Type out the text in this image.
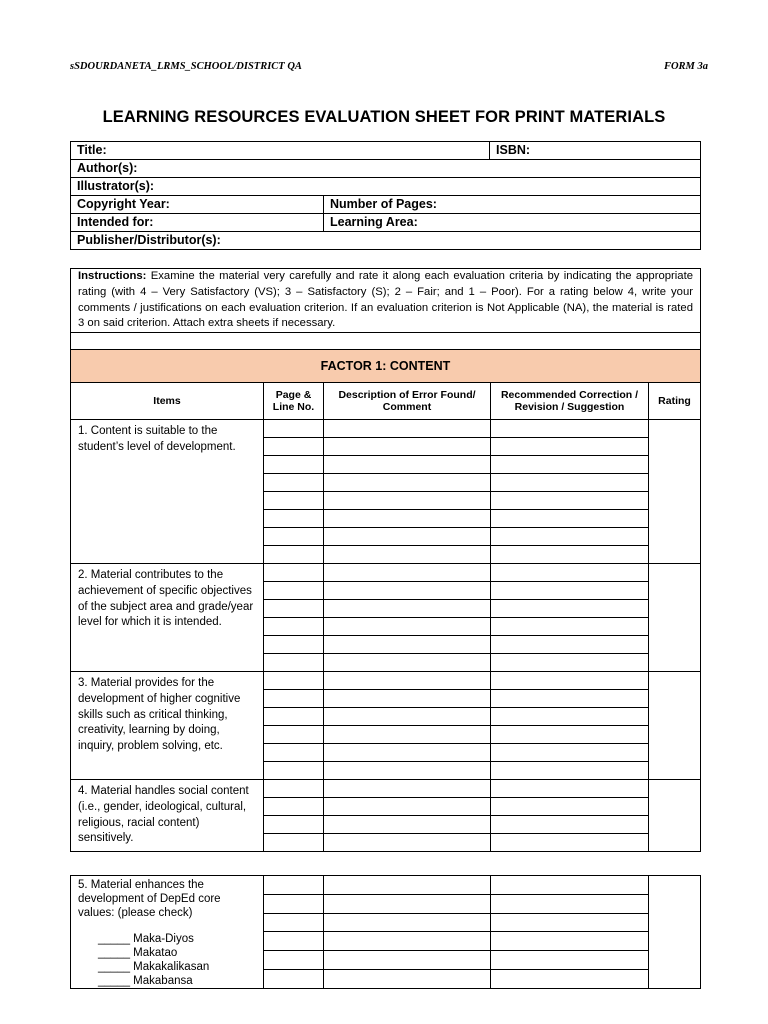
sSDOURDANETA_LRMS_SCHOOL/DISTRICT QA	FORM 3a
LEARNING RESOURCES EVALUATION SHEET FOR PRINT MATERIALS
Title:		ISBN:
Author(s):		
Illustrator(s):		
Copyright Year:	Number of Pages:	
Intended for:	Learning Area:	
Publisher/Distributor(s):		
Instructions: Examine the material very carefully and rate it along each evaluation criteria by indicating the appropriate rating (with 4 – Very Satisfactory (VS); 3 – Satisfactory (S); 2 – Fair; and 1 – Poor). For a rating below 4, write your comments / justifications on each evaluation criterion. If an evaluation criterion is Not Applicable (NA), the material is rated 3 on said criterion. Attach extra sheets if necessary.				

FACTOR 1: CONTENT				
Items	Page & Line No.	Description of Error Found/ Comment	Recommended Correction / Revision / Suggestion	Rating
1. Content is suitable to the student’s level of development.				

2. Material contributes to the achievement of specific objectives of the subject area and grade/year level for which it is intended.				

3. Material provides for the development of higher cognitive skills such as critical thinking, creativity, learning by doing, inquiry, problem solving, etc.				

4. Material handles social content (i.e., gender, ideological, cultural, religious, racial content) sensitively.				

5. Material enhances the development of DepEd core values: (please check)
_____ Maka-Diyos
_____ Makatao
_____ Makakalikasan
_____ Makabansa				
